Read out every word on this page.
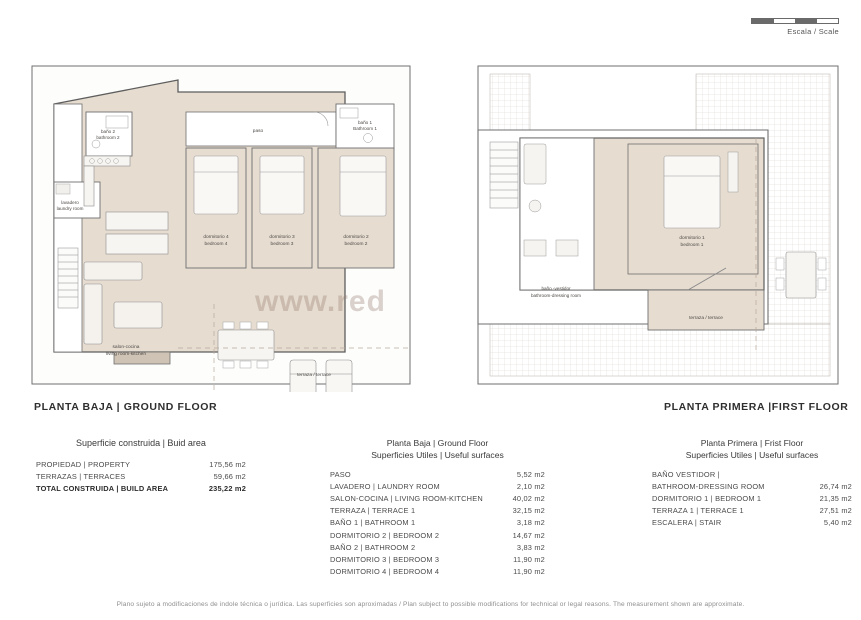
Escala / Scale
baño 2
bathroom 2
lavadero
laundry room
paso
baño 1
Bathroom 1
dormitorio 4
bedroom 4
dormitorio 3
bedroom 3
dormitorio 2
bedroom 2
salon-cocina
living room-kitchen
terraza / terrace
dormitorio 1
bedroom 1
baño -vestidor
bathroom-dressing room
terraza / terrace
www.red
PLANTA BAJA | GROUND FLOOR	PLANTA PRIMERA |FIRST FLOOR
Superficie construida | Buid area
PROPIEDAD | PROPERTY	175,56 m2
TERRAZAS | TERRACES	59,66 m2
TOTAL CONSTRUIDA | BUILD AREA	235,22 m2
Planta Baja | Ground Floor
Superficies Utiles | Useful surfaces
PASO	5,52 m2
LAVADERO | LAUNDRY ROOM	2,10 m2
SALON-COCINA | LIVING ROOM-KITCHEN	40,02 m2
TERRAZA | TERRACE 1	32,15 m2
BAÑO 1 | BATHROOM 1	3,18 m2
DORMITORIO 2 | BEDROOM 2	14,67 m2
BAÑO 2 | BATHROOM 2	3,83 m2
DORMITORIO 3 | BEDROOM 3	11,90 m2
DORMITORIO 4 | BEDROOM 4	11,90 m2
Planta Primera | Frist Floor
Superficies Utiles | Useful surfaces
BAÑO VESTIDOR |	
BATHROOM-DRESSING ROOM	26,74 m2
DORMITORIO 1 | BEDROOM 1	21,35 m2
TERRAZA 1 | TERRACE 1	27,51 m2
ESCALERA | STAIR	5,40 m2
Plano sujeto a modificaciones de indole técnica o jurídica. Las superficies son aproximadas / Plan subject to possible modifications for technical or legal reasons. The measurement shown are approximate.
